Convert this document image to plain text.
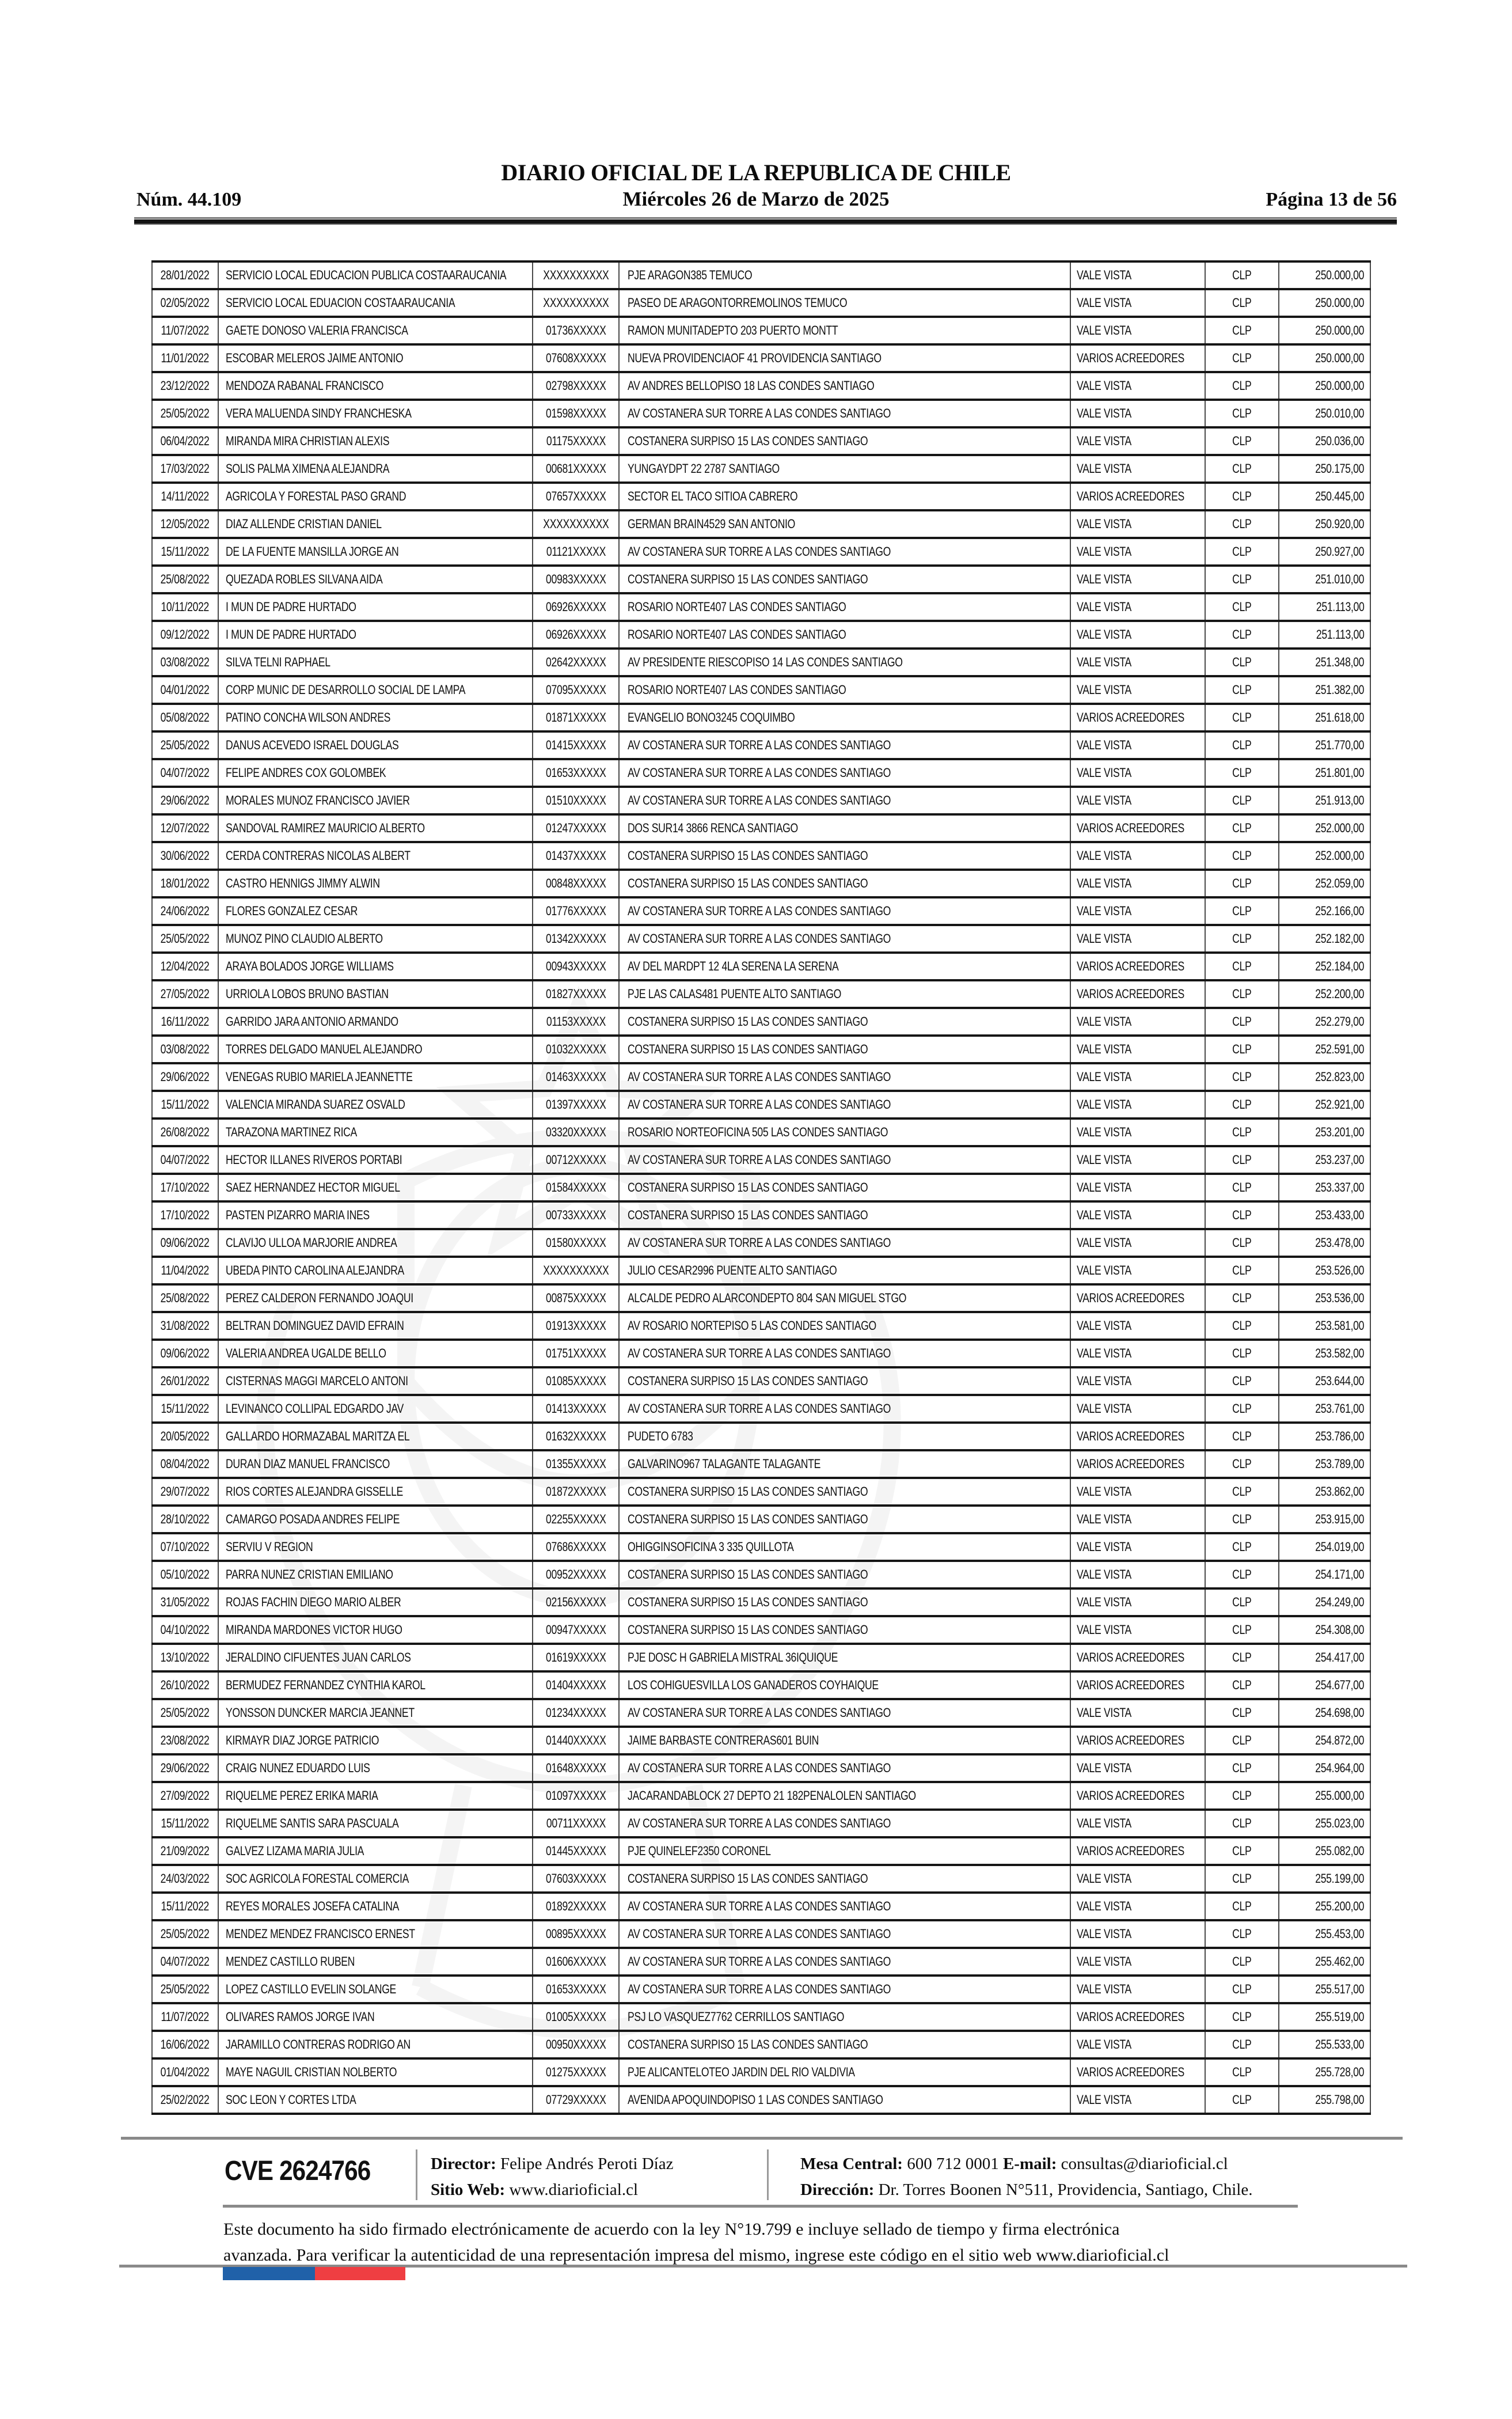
Núm. 44.109
DIARIO OFICIAL DE LA REPUBLICA DE CHILE
Miércoles 26 de Marzo de 2025	Página 13 de 56
28/01/2022 SERVICIO LOCAL EDUCACION PUBLICA COSTAARAUCANIA	XXXXXXXXXX PJE ARAGON385 TEMUCO	VALE VISTA	CLP	250.000,00
02/05/2022 SERVICIO LOCAL EDUACION COSTAARAUCANIA	XXXXXXXXXX PASEO DE ARAGONTORREMOLINOS TEMUCO	VALE VISTA	CLP	250.000,00
11/07/2022 GAETE DONOSO VALERIA FRANCISCA	01736XXXXX RAMON MUNITADEPTO 203 PUERTO MONTT	VALE VISTA	CLP	250.000,00
11/01/2022 ESCOBAR MELEROS JAIME ANTONIO	07608XXXXX NUEVA PROVIDENCIAOF 41 PROVIDENCIA SANTIAGO	VARIOS ACREEDORES	CLP	250.000,00
23/12/2022 MENDOZA RABANAL FRANCISCO	02798XXXXX AV ANDRES BELLOPISO 18 LAS CONDES SANTIAGO	VALE VISTA	CLP	250.000,00
25/05/2022 VERA MALUENDA SINDY FRANCHESKA	01598XXXXX AV COSTANERA SUR TORRE A LAS CONDES SANTIAGO	VALE VISTA	CLP	250.010,00
06/04/2022 MIRANDA MIRA CHRISTIAN ALEXIS	01175XXXXX COSTANERA SURPISO 15 LAS CONDES SANTIAGO	VALE VISTA	CLP	250.036,00
17/03/2022 SOLIS PALMA XIMENA ALEJANDRA	00681XXXXX YUNGAYDPT 22 2787 SANTIAGO	VALE VISTA	CLP	250.175,00
14/11/2022 AGRICOLA Y FORESTAL PASO GRAND	07657XXXXX SECTOR EL TACO SITIOA CABRERO	VARIOS ACREEDORES	CLP	250.445,00
12/05/2022 DIAZ ALLENDE CRISTIAN DANIEL	XXXXXXXXXX GERMAN BRAIN4529 SAN ANTONIO	VALE VISTA	CLP	250.920,00
15/11/2022 DE LA FUENTE MANSILLA JORGE AN	01121XXXXX AV COSTANERA SUR TORRE A LAS CONDES SANTIAGO	VALE VISTA	CLP	250.927,00
25/08/2022 QUEZADA ROBLES SILVANA AIDA	00983XXXXX COSTANERA SURPISO 15 LAS CONDES SANTIAGO	VALE VISTA	CLP	251.010,00
10/11/2022 I MUN DE PADRE HURTADO	06926XXXXX ROSARIO NORTE407 LAS CONDES SANTIAGO	VALE VISTA	CLP	251.113,00
09/12/2022 I MUN DE PADRE HURTADO	06926XXXXX ROSARIO NORTE407 LAS CONDES SANTIAGO	VALE VISTA	CLP	251.113,00
03/08/2022 SILVA TELNI RAPHAEL	02642XXXXX AV PRESIDENTE RIESCOPISO 14 LAS CONDES SANTIAGO	VALE VISTA	CLP	251.348,00
04/01/2022 CORP MUNIC DE DESARROLLO SOCIAL DE LAMPA	07095XXXXX ROSARIO NORTE407 LAS CONDES SANTIAGO	VALE VISTA	CLP	251.382,00
05/08/2022 PATINO CONCHA WILSON ANDRES	01871XXXXX EVANGELIO BONO3245 COQUIMBO	VARIOS ACREEDORES	CLP	251.618,00
25/05/2022 DANUS ACEVEDO ISRAEL DOUGLAS	01415XXXXX AV COSTANERA SUR TORRE A LAS CONDES SANTIAGO	VALE VISTA	CLP	251.770,00
04/07/2022 FELIPE ANDRES COX GOLOMBEK	01653XXXXX AV COSTANERA SUR TORRE A LAS CONDES SANTIAGO	VALE VISTA	CLP	251.801,00
29/06/2022 MORALES MUNOZ FRANCISCO JAVIER	01510XXXXX AV COSTANERA SUR TORRE A LAS CONDES SANTIAGO	VALE VISTA	CLP	251.913,00
12/07/2022 SANDOVAL RAMIREZ MAURICIO ALBERTO	01247XXXXX DOS SUR14 3866 RENCA SANTIAGO	VARIOS ACREEDORES	CLP	252.000,00
30/06/2022 CERDA CONTRERAS NICOLAS ALBERT	01437XXXXX COSTANERA SURPISO 15 LAS CONDES SANTIAGO	VALE VISTA	CLP	252.000,00
18/01/2022 CASTRO HENNIGS JIMMY ALWIN	00848XXXXX COSTANERA SURPISO 15 LAS CONDES SANTIAGO	VALE VISTA	CLP	252.059,00
24/06/2022 FLORES GONZALEZ CESAR	01776XXXXX AV COSTANERA SUR TORRE A LAS CONDES SANTIAGO	VALE VISTA	CLP	252.166,00
25/05/2022 MUNOZ PINO CLAUDIO ALBERTO	01342XXXXX AV COSTANERA SUR TORRE A LAS CONDES SANTIAGO	VALE VISTA	CLP	252.182,00
12/04/2022 ARAYA BOLADOS JORGE WILLIAMS	00943XXXXX AV DEL MARDPT 12 4LA SERENA LA SERENA	VARIOS ACREEDORES	CLP	252.184,00
27/05/2022 URRIOLA LOBOS BRUNO BASTIAN	01827XXXXX PJE LAS CALAS481 PUENTE ALTO SANTIAGO	VARIOS ACREEDORES	CLP	252.200,00
16/11/2022 GARRIDO JARA ANTONIO ARMANDO	01153XXXXX COSTANERA SURPISO 15 LAS CONDES SANTIAGO	VALE VISTA	CLP	252.279,00
03/08/2022 TORRES DELGADO MANUEL ALEJANDRO	01032XXXXX COSTANERA SURPISO 15 LAS CONDES SANTIAGO	VALE VISTA	CLP	252.591,00
29/06/2022 VENEGAS RUBIO MARIELA JEANNETTE	01463XXXXX AV COSTANERA SUR TORRE A LAS CONDES SANTIAGO	VALE VISTA	CLP	252.823,00
15/11/2022 VALENCIA MIRANDA SUAREZ OSVALD	01397XXXXX AV COSTANERA SUR TORRE A LAS CONDES SANTIAGO	VALE VISTA	CLP	252.921,00
26/08/2022 TARAZONA MARTINEZ RICA	03320XXXXX ROSARIO NORTEOFICINA 505 LAS CONDES SANTIAGO	VALE VISTA	CLP	253.201,00
04/07/2022 HECTOR ILLANES RIVEROS PORTABI	00712XXXXX AV COSTANERA SUR TORRE A LAS CONDES SANTIAGO	VALE VISTA	CLP	253.237,00
17/10/2022 SAEZ HERNANDEZ HECTOR MIGUEL	01584XXXXX COSTANERA SURPISO 15 LAS CONDES SANTIAGO	VALE VISTA	CLP	253.337,00
17/10/2022 PASTEN PIZARRO MARIA INES	00733XXXXX COSTANERA SURPISO 15 LAS CONDES SANTIAGO	VALE VISTA	CLP	253.433,00
09/06/2022 CLAVIJO ULLOA MARJORIE ANDREA	01580XXXXX AV COSTANERA SUR TORRE A LAS CONDES SANTIAGO	VALE VISTA	CLP	253.478,00
11/04/2022 UBEDA PINTO CAROLINA ALEJANDRA	XXXXXXXXXX JULIO CESAR2996 PUENTE ALTO SANTIAGO	VALE VISTA	CLP	253.526,00
25/08/2022 PEREZ CALDERON FERNANDO JOAQUI	00875XXXXX ALCALDE PEDRO ALARCONDEPTO 804 SAN MIGUEL STGO	VARIOS ACREEDORES	CLP	253.536,00
31/08/2022 BELTRAN DOMINGUEZ DAVID EFRAIN	01913XXXXX AV ROSARIO NORTEPISO 5 LAS CONDES SANTIAGO	VALE VISTA	CLP	253.581,00
09/06/2022 VALERIA ANDREA UGALDE BELLO	01751XXXXX AV COSTANERA SUR TORRE A LAS CONDES SANTIAGO	VALE VISTA	CLP	253.582,00
26/01/2022 CISTERNAS MAGGI MARCELO ANTONI	01085XXXXX COSTANERA SURPISO 15 LAS CONDES SANTIAGO	VALE VISTA	CLP	253.644,00
15/11/2022 LEVINANCO COLLIPAL EDGARDO JAV	01413XXXXX AV COSTANERA SUR TORRE A LAS CONDES SANTIAGO	VALE VISTA	CLP	253.761,00
20/05/2022 GALLARDO HORMAZABAL MARITZA EL	01632XXXXX PUDETO 6783	VARIOS ACREEDORES	CLP	253.786,00
08/04/2022 DURAN DIAZ MANUEL FRANCISCO	01355XXXXX GALVARINO967 TALAGANTE TALAGANTE	VARIOS ACREEDORES	CLP	253.789,00
29/07/2022 RIOS CORTES ALEJANDRA GISSELLE	01872XXXXX COSTANERA SURPISO 15 LAS CONDES SANTIAGO	VALE VISTA	CLP	253.862,00
28/10/2022 CAMARGO POSADA ANDRES FELIPE	02255XXXXX COSTANERA SURPISO 15 LAS CONDES SANTIAGO	VALE VISTA	CLP	253.915,00
07/10/2022 SERVIU V REGION	07686XXXXX OHIGGINSOFICINA 3 335 QUILLOTA	VALE VISTA	CLP	254.019,00
05/10/2022 PARRA NUNEZ CRISTIAN EMILIANO	00952XXXXX COSTANERA SURPISO 15 LAS CONDES SANTIAGO	VALE VISTA	CLP	254.171,00
31/05/2022 ROJAS FACHIN DIEGO MARIO ALBER	02156XXXXX COSTANERA SURPISO 15 LAS CONDES SANTIAGO	VALE VISTA	CLP	254.249,00
04/10/2022 MIRANDA MARDONES VICTOR HUGO	00947XXXXX COSTANERA SURPISO 15 LAS CONDES SANTIAGO	VALE VISTA	CLP	254.308,00
13/10/2022 JERALDINO CIFUENTES JUAN CARLOS	01619XXXXX PJE DOSC H GABRIELA MISTRAL 36IQUIQUE	VARIOS ACREEDORES	CLP	254.417,00
26/10/2022 BERMUDEZ FERNANDEZ CYNTHIA KAROL	01404XXXXX LOS COHIGUESVILLA LOS GANADEROS COYHAIQUE	VARIOS ACREEDORES	CLP	254.677,00
25/05/2022 YONSSON DUNCKER MARCIA JEANNET	01234XXXXX AV COSTANERA SUR TORRE A LAS CONDES SANTIAGO	VALE VISTA	CLP	254.698,00
23/08/2022 KIRMAYR DIAZ JORGE PATRICIO	01440XXXXX JAIME BARBASTE CONTRERAS601 BUIN	VARIOS ACREEDORES	CLP	254.872,00
29/06/2022 CRAIG NUNEZ EDUARDO LUIS	01648XXXXX AV COSTANERA SUR TORRE A LAS CONDES SANTIAGO	VALE VISTA	CLP	254.964,00
27/09/2022 RIQUELME PEREZ ERIKA MARIA	01097XXXXX JACARANDABLOCK 27 DEPTO 21 182PENALOLEN SANTIAGO	VARIOS ACREEDORES	CLP	255.000,00
15/11/2022 RIQUELME SANTIS SARA PASCUALA	00711XXXXX AV COSTANERA SUR TORRE A LAS CONDES SANTIAGO	VALE VISTA	CLP	255.023,00
21/09/2022 GALVEZ LIZAMA MARIA JULIA	01445XXXXX PJE QUINELEF2350 CORONEL	VARIOS ACREEDORES	CLP	255.082,00
24/03/2022 SOC AGRICOLA FORESTAL COMERCIA	07603XXXXX COSTANERA SURPISO 15 LAS CONDES SANTIAGO	VALE VISTA	CLP	255.199,00
15/11/2022 REYES MORALES JOSEFA CATALINA	01892XXXXX AV COSTANERA SUR TORRE A LAS CONDES SANTIAGO	VALE VISTA	CLP	255.200,00
25/05/2022 MENDEZ MENDEZ FRANCISCO ERNEST	00895XXXXX AV COSTANERA SUR TORRE A LAS CONDES SANTIAGO	VALE VISTA	CLP	255.453,00
04/07/2022 MENDEZ CASTILLO RUBEN	01606XXXXX AV COSTANERA SUR TORRE A LAS CONDES SANTIAGO	VALE VISTA	CLP	255.462,00
25/05/2022 LOPEZ CASTILLO EVELIN SOLANGE	01653XXXXX AV COSTANERA SUR TORRE A LAS CONDES SANTIAGO	VALE VISTA	CLP	255.517,00
11/07/2022 OLIVARES RAMOS JORGE IVAN	01005XXXXX PSJ LO VASQUEZ7762 CERRILLOS SANTIAGO	VARIOS ACREEDORES	CLP	255.519,00
16/06/2022 JARAMILLO CONTRERAS RODRIGO AN	00950XXXXX COSTANERA SURPISO 15 LAS CONDES SANTIAGO	VALE VISTA	CLP	255.533,00
01/04/2022 MAYE NAGUIL CRISTIAN NOLBERTO	01275XXXXX PJE ALICANTELOTEO JARDIN DEL RIO VALDIVIA	VARIOS ACREEDORES	CLP	255.728,00
25/02/2022 SOC LEON Y CORTES LTDA	07729XXXXX AVENIDA APOQUINDOPISO 1 LAS CONDES SANTIAGO	VALE VISTA	CLP	255.798,00
CVE 2624766	Director: Felipe Andrés Peroti Díaz
Sitio Web: www.diarioficial.cl
Mesa Central: 600 712 0001 E-mail: consultas@diarioficial.cl
Dirección: Dr. Torres Boonen N°511, Providencia, Santiago, Chile.
Este documento ha sido firmado electrónicamente de acuerdo con la ley N°19.799 e incluye sellado de tiempo y firma electrónica
avanzada. Para verificar la autenticidad de una representación impresa del mismo, ingrese este código en el sitio web www.diarioficial.cl
